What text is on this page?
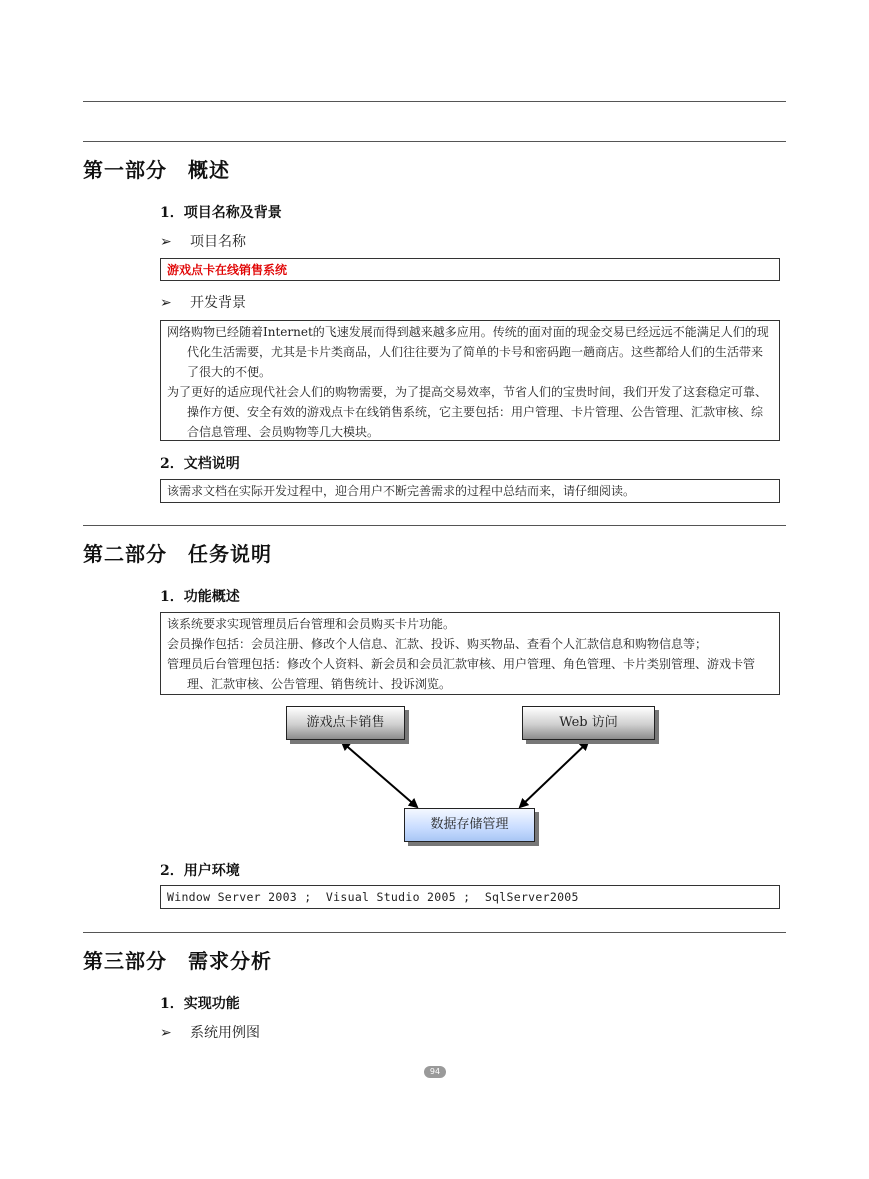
第一部分　概述
1．项目名称及背景
➢ 项目名称
游戏点卡在线销售系统
➢ 开发背景
网络购物已经随着Internet的飞速发展而得到越来越多应用。传统的面对面的现金交易已经远远不能满足人们的现代化生活需要，尤其是卡片类商品，人们往往要为了简单的卡号和密码跑一趟商店。这些都给人们的生活带来了很大的不便。
为了更好的适应现代社会人们的购物需要，为了提高交易效率，节省人们的宝贵时间，我们开发了这套稳定可靠、操作方便、安全有效的游戏点卡在线销售系统，它主要包括：用户管理、卡片管理、公告管理、汇款审核、综合信息管理、会员购物等几大模块。
2．文档说明
该需求文档在实际开发过程中，迎合用户不断完善需求的过程中总结而来，请仔细阅读。
第二部分　任务说明
1．功能概述
该系统要求实现管理员后台管理和会员购买卡片功能。
会员操作包括：会员注册、修改个人信息、汇款、投诉、购买物品、查看个人汇款信息和购物信息等；
管理员后台管理包括：修改个人资料、新会员和会员汇款审核、用户管理、角色管理、卡片类别管理、游戏卡管理、汇款审核、公告管理、销售统计、投诉浏览。
游戏点卡销售	Web 访问
数据存储管理
2．用户环境
Window Server 2003 ;  Visual Studio 2005 ;  SqlServer2005
第三部分　需求分析
1．实现功能
➢ 系统用例图
94
